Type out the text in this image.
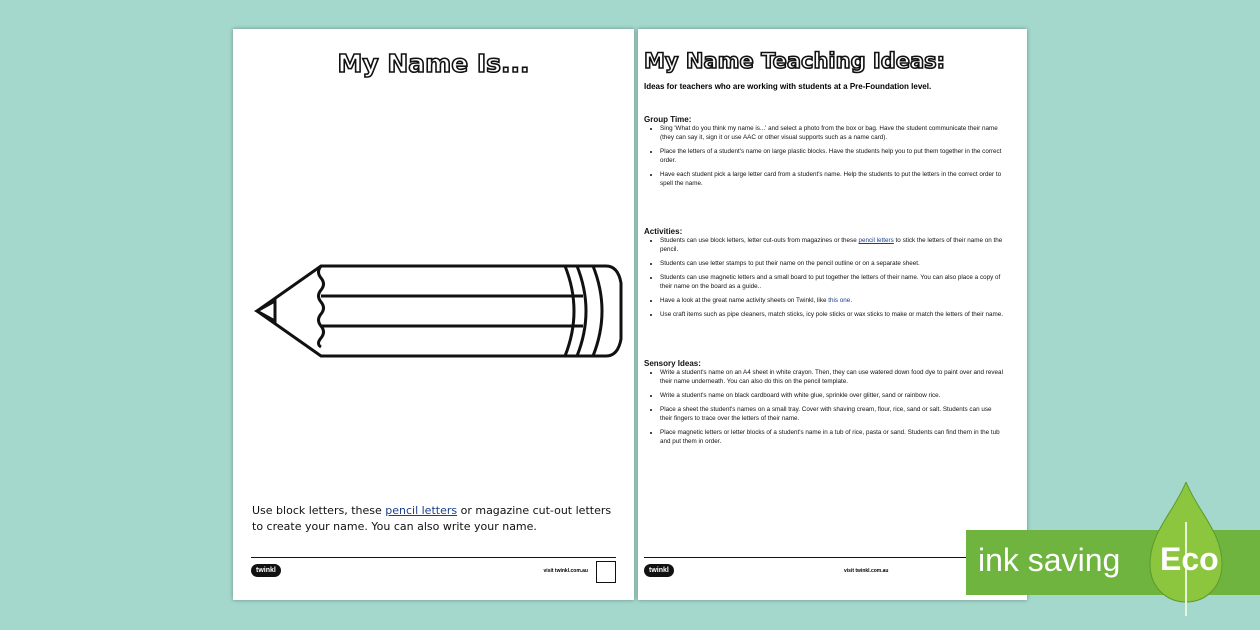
My Name Is...
Use block letters, these pencil letters or magazine cut-out letters to create your name. You can also write your name.
twinkl	visit twinkl.com.au
My Name Teaching Ideas:
Ideas for teachers who are working with students at a Pre-Foundation level.
Group Time:
• Sing 'What do you think my name is...' and select a photo from the box or bag. Have the student communicate their name (they can say it, sign it or use AAC or other visual supports such as a name card).
• Place the letters of a student's name on large plastic blocks. Have the students help you to put them together in the correct order.
• Have each student pick a large letter card from a student's name. Help the students to put the letters in the correct order to spell the name.
Activities:
• Students can use block letters, letter cut-outs from magazines or these pencil letters to stick the letters of their name on the pencil.
• Students can use letter stamps to put their name on the pencil outline or on a separate sheet.
• Students can use magnetic letters and a small board to put together the letters of their name. You can also place a copy of their name on the board as a guide..
• Have a look at the great name activity sheets on Twinkl, like this one.
• Use craft items such as pipe cleaners, match sticks, icy pole sticks or wax sticks to make or match the letters of their name.
Sensory Ideas:
• Write a student's name on an A4 sheet in white crayon. Then, they can use watered down food dye to paint over and reveal their name underneath. You can also do this on the pencil template.
• Write a student's name on black cardboard with white glue, sprinkle over glitter, sand or rainbow rice.
• Place a sheet the student's names on a small tray. Cover with shaving cream, flour, rice, sand or salt. Students can use their fingers to trace over the letters of their name.
• Place magnetic letters or letter blocks of a student's name in a tub of rice, pasta or sand. Students can find them in the tub and put them in order.
twinkl	visit twinkl.com.au	ink saving Eco
